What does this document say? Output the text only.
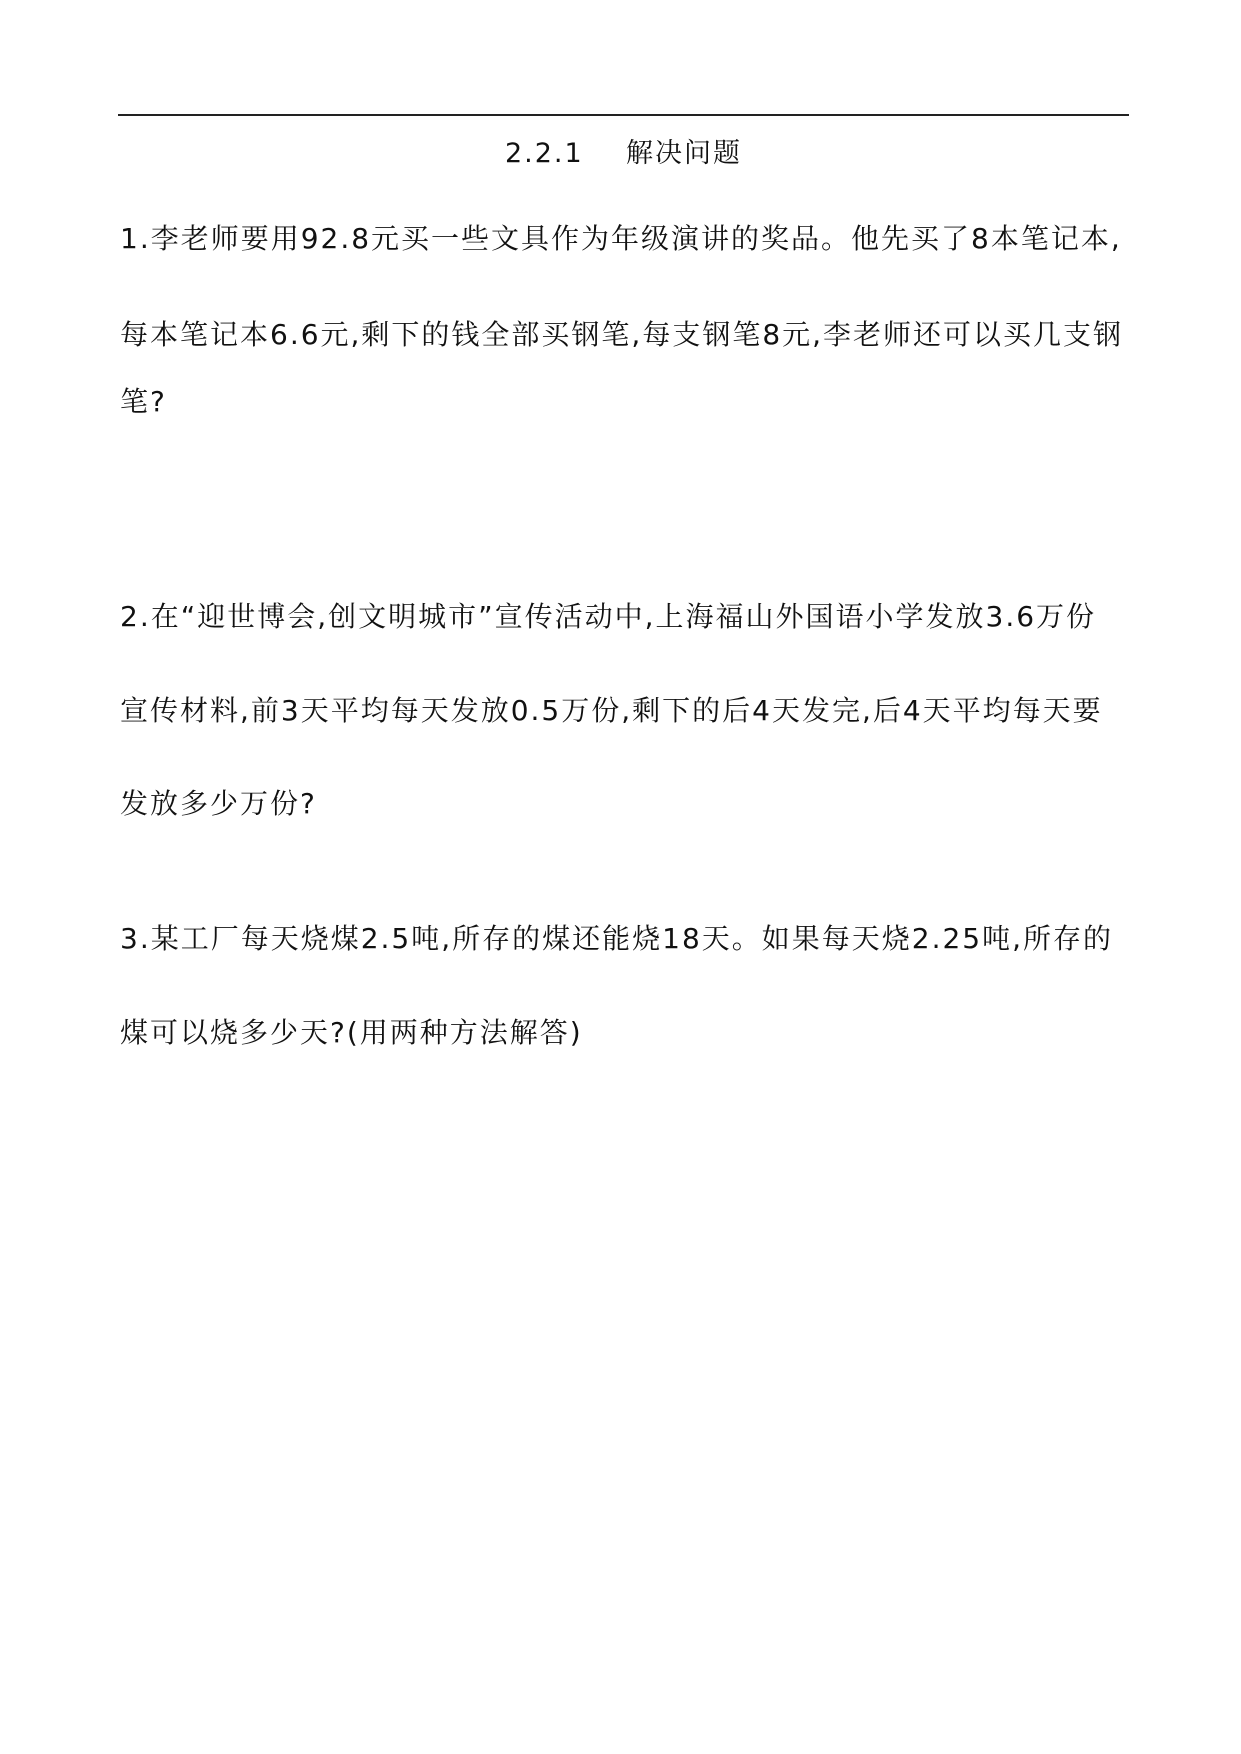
2.2.1    解决问题
1.李老师要用92.8元买一些文具作为年级演讲的奖品。他先买了8本笔记本,
每本笔记本6.6元,剩下的钱全部买钢笔,每支钢笔8元,李老师还可以买几支钢
笔?
2.在“迎世博会,创文明城市”宣传活动中,上海福山外国语小学发放3.6万份
宣传材料,前3天平均每天发放0.5万份,剩下的后4天发完,后4天平均每天要
发放多少万份?
3.某工厂每天烧煤2.5吨,所存的煤还能烧18天。如果每天烧2.25吨,所存的
煤可以烧多少天?(用两种方法解答)
